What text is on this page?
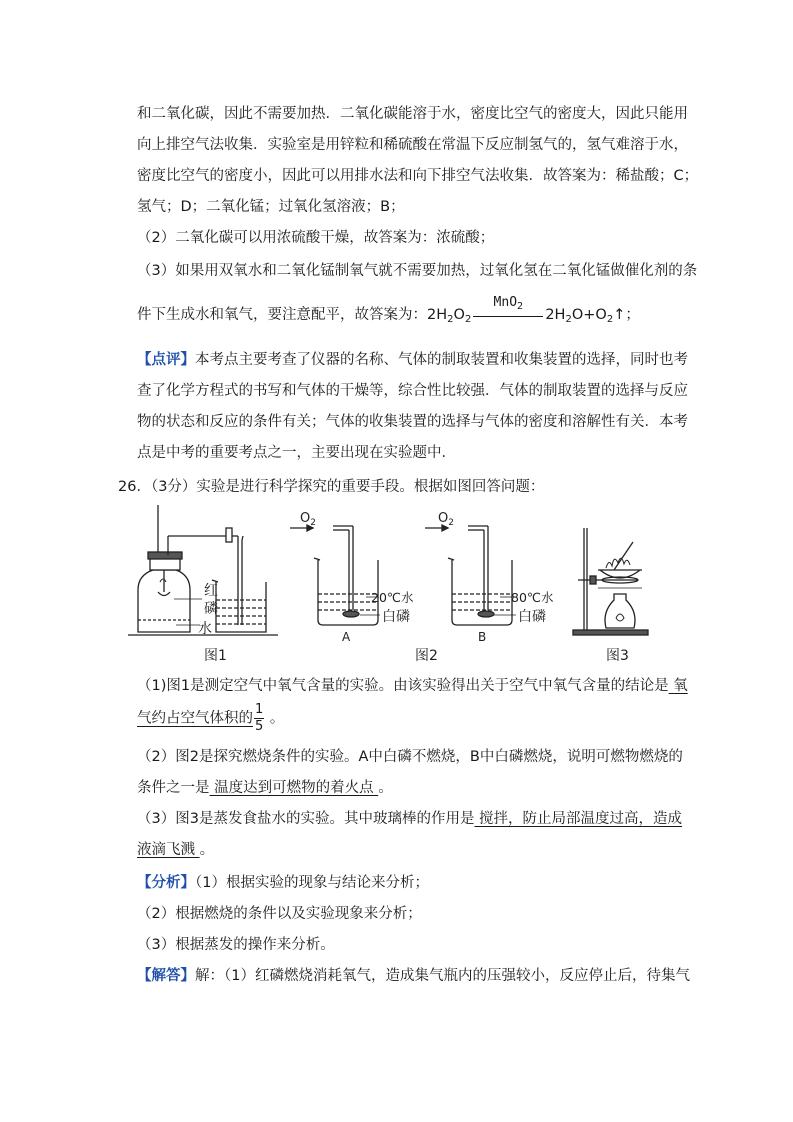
和二氧化碳，因此不需要加热．二氧化碳能溶于水，密度比空气的密度大，因此只能用
向上排空气法收集．实验室是用锌粒和稀硫酸在常温下反应制氢气的，氢气难溶于水，
密度比空气的密度小，因此可以用排水法和向下排空气法收集．故答案为：稀盐酸；C；
氢气；D；二氧化锰；过氧化氢溶液；B；
（2）二氧化碳可以用浓硫酸干燥，故答案为：浓硫酸；
（3）如果用双氧水和二氧化锰制氧气就不需要加热，过氧化氢在二氧化锰做催化剂的条
件下生成水和氧气，要注意配平，故答案为：$2H_2O_2$
MnO$_2$
$2H_2O+O_2↑$；
【点评】本考点主要考查了仪器的名称、气体的制取装置和收集装置的选择，同时也考
查了化学方程式的书写和气体的干燥等，综合性比较强．气体的制取装置的选择与反应
物的状态和反应的条件有关；气体的收集装置的选择与气体的密度和溶解性有关．本考
点是中考的重要考点之一，主要出现在实验题中．
26．（3分）实验是进行科学探究的重要手段。根据如图回答问题：
红
磷
水
$O_2$
20℃水
白磷
A
$O_2$
80℃水
白磷
B
图1	图2	图3
（1)图1是测定空气中氧气含量的实验。由该实验得出关于空气中氧气含量的结论是 氧
气约占空气体积的 $\frac{1}{5}$ 。
（2）图2是探究燃烧条件的实验。A中白磷不燃烧，B中白磷燃烧，说明可燃物燃烧的
条件之一是 温度达到可燃物的着火点 。
（3）图3是蒸发食盐水的实验。其中玻璃棒的作用是 搅拌，防止局部温度过高，造成
液滴飞溅 。
【分析】（1）根据实验的现象与结论来分析；
（2）根据燃烧的条件以及实验现象来分析；
（3）根据蒸发的操作来分析。
【解答】解：（1）红磷燃烧消耗氧气，造成集气瓶内的压强较小，反应停止后，待集气
